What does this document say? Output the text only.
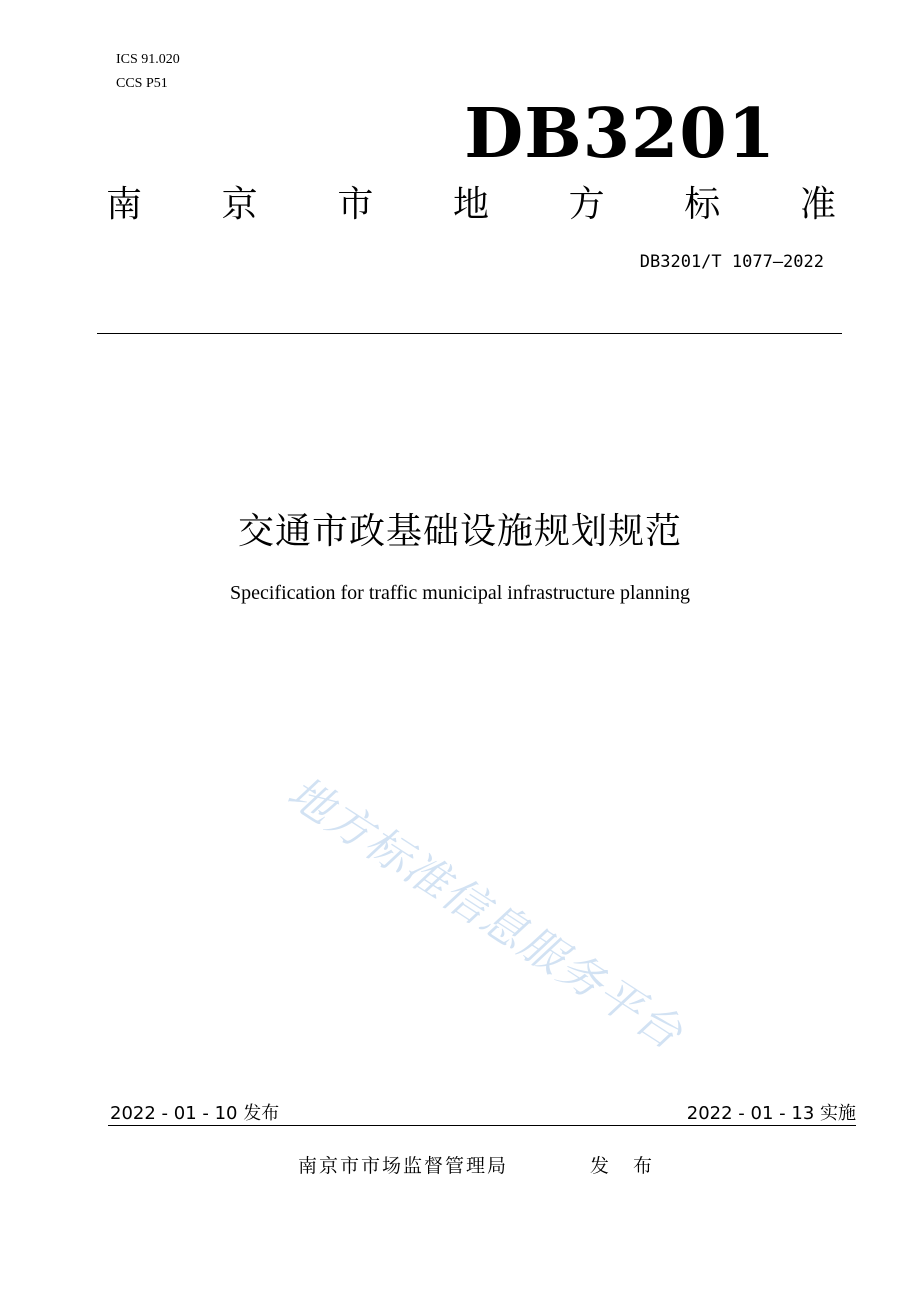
ICS 91.020
CCS P51
DB3201
南 京 市 地 方 标 准
DB3201/T 1077—2022
交通市政基础设施规划规范
Specification for traffic municipal infrastructure planning
地方标准信息服务平台
2022 - 01 - 10 发布	2022 - 01 - 13 实施
南京市市场监督管理局	发 布
